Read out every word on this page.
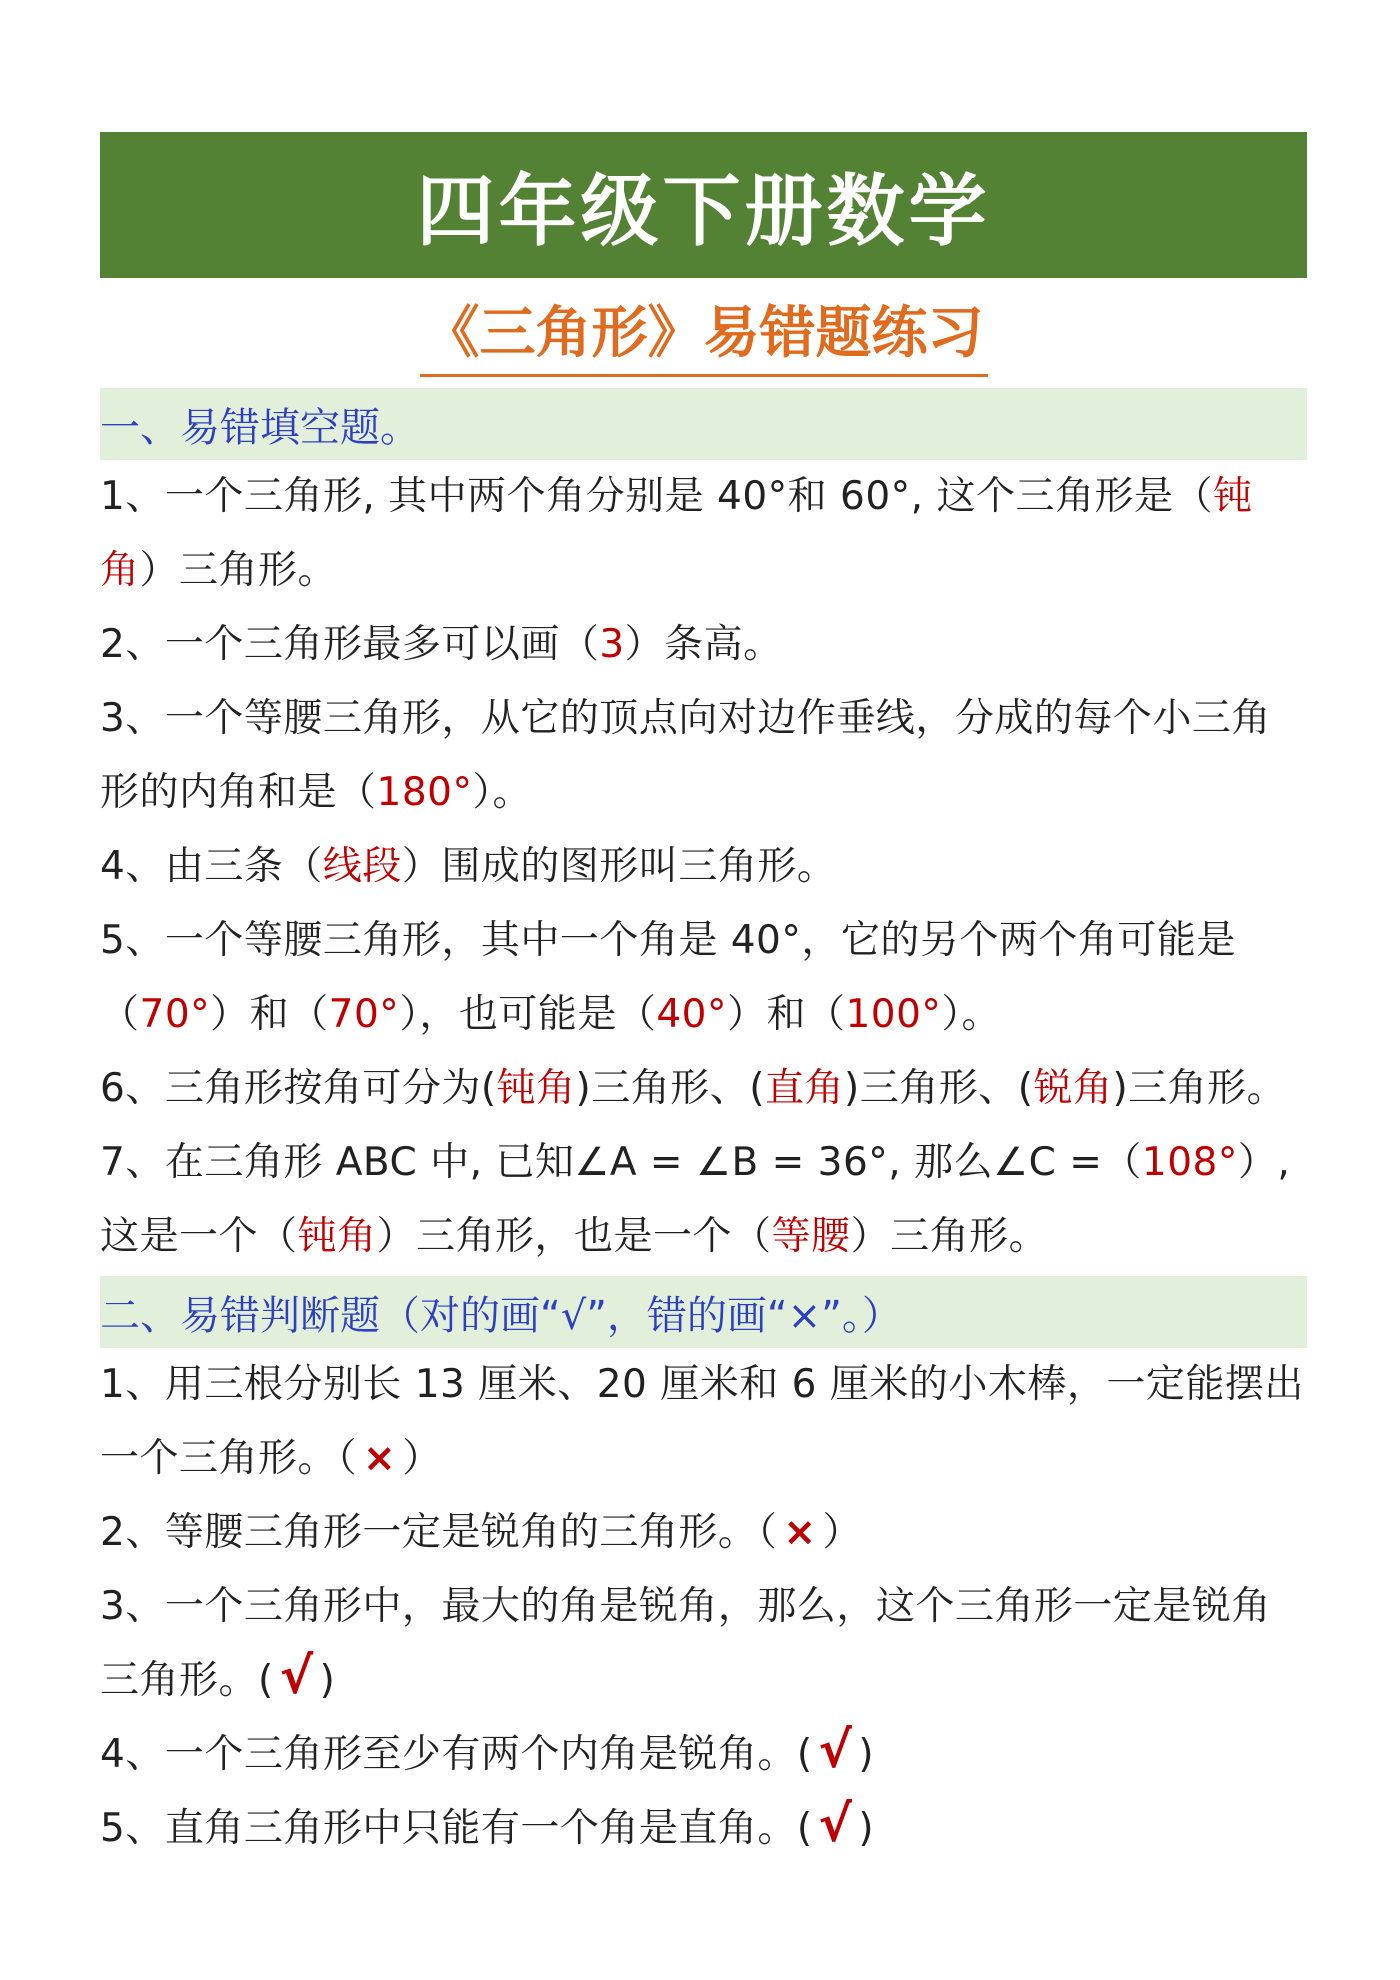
四年级下册数学
《三角形》易错题练习
一、易错填空题。
1、一个三角形, 其中两个角分别是 40°和 60°, 这个三角形是（钝角）三角形。
2、一个三角形最多可以画（3）条高。
3、一个等腰三角形，从它的顶点向对边作垂线，分成的每个小三角形的内角和是（180°）。
4、由三条（线段）围成的图形叫三角形。
5、一个等腰三角形，其中一个角是 40°，它的另个两个角可能是（70°）和（70°），也可能是（40°）和（100°）。
6、三角形按角可分为(钝角)三角形、(直角)三角形、(锐角)三角形。
7、在三角形 ABC 中, 已知∠A = ∠B = 36°, 那么∠C =（108°）, 这是一个（钝角）三角形，也是一个（等腰）三角形。
二、易错判断题（对的画“√”，错的画“×”。）
1、用三根分别长 13 厘米、20 厘米和 6 厘米的小木棒，一定能摆出一个三角形。（ × ）
2、等腰三角形一定是锐角的三角形。（ × ）
3、一个三角形中，最大的角是锐角，那么，这个三角形一定是锐角三角形。( √ )
4、一个三角形至少有两个内角是锐角。( √ )
5、直角三角形中只能有一个角是直角。( √ )
